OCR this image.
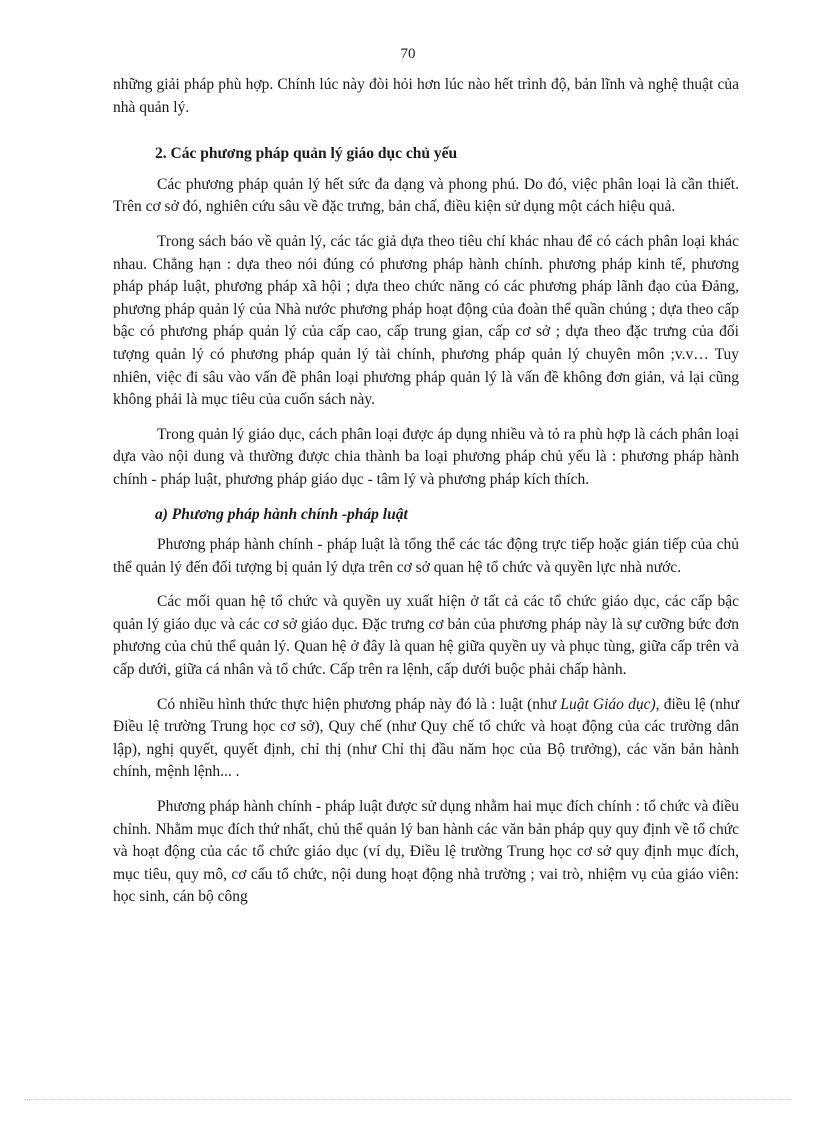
70

những giải pháp phù hợp. Chính lúc này đòi hỏi hơn lúc nào hết trình độ, bản lĩnh và nghệ thuật của nhà quản lý.

2. Các phương pháp quản lý giáo dục chủ yếu

Các phương pháp quản lý hết sức đa dạng và phong phú. Do đó, việc phân loại là cần thiết. Trên cơ sở đó, nghiên cứu sâu về đặc trưng, bản chấ, điều kiện sử dụng một cách hiệu quả.

Trong sách báo về quản lý, các tác giả dựa theo tiêu chí khác nhau để có cách phân loại khác nhau. Chẳng hạn : dựa theo nói đúng có phương pháp hành chính. phương pháp kinh tế, phương pháp pháp luật, phương pháp xã hội ; dựa theo chức năng có các phương pháp lãnh đạo của Đảng, phương pháp quản lý của Nhà nước phương pháp hoạt động của đoàn thể quần chúng ; dựa theo cấp bậc có phương pháp quản lý của cấp cao, cấp trung gian, cấp cơ sở ; dựa theo đặc trưng của đối tượng quản lý có phương pháp quản lý tài chính, phương pháp quản lý chuyên môn ;v.v… Tuy nhiên, việc đi sâu vào vấn đề phân loại phương pháp quản lý là vấn đề không đơn giản, vả lại cũng không phải là mục tiêu của cuốn sách này.

Trong quản lý giáo dục, cách phân loại được áp dụng nhiều và tỏ ra phù hợp là cách phân loại dựa vào nội dung và thường được chia thành ba loại phương pháp chủ yếu là : phương pháp hành chính - pháp luật, phương pháp giáo dục - tâm lý và phương pháp kích thích.

a) Phương pháp hành chính -pháp luật

Phương pháp hành chính - pháp luật là tổng thể các tác động trực tiếp hoặc gián tiếp của chủ thể quản lý đến đối tượng bị quản lý dựa trên cơ sở quan hệ tổ chức và quyền lực nhà nước.

Các mối quan hệ tổ chức và quyền uy xuất hiện ở tất cả các tổ chức giáo dục, các cấp bậc quản lý giáo dục và các cơ sở giáo dục. Đặc trưng cơ bản của phương pháp này là sự cưỡng bức đơn phương của chủ thể quản lý. Quan hệ ở đây là quan hệ giữa quyền uy và phục tùng, giữa cấp trên và cấp dưới, giữa cá nhân và tổ chức. Cấp trên ra lệnh, cấp dưới buộc phải chấp hành.

Có nhiều hình thức thực hiện phương pháp này đó là : luật (như Luật Giáo dục), điều lệ (như Điều lệ trường Trung học cơ sở), Quy chế (như Quy chế tổ chức và hoạt động của các trường dân lập), nghị quyết, quyết định, chỉ thị (như Chỉ thị đầu năm học của Bộ trưởng), các văn bản hành chính, mệnh lệnh... .

Phương pháp hành chính - pháp luật được sử dụng nhằm hai mục đích chính : tổ chức và điều chỉnh. Nhằm mục đích thứ nhất, chủ thể quản lý ban hành các văn bản pháp quy quy định về tổ chức và hoạt động của các tổ chức giáo dục (ví dụ, Điều lệ trường Trung học cơ sở quy định mục đích, mục tiêu, quy mô, cơ cấu tổ chức, nội dung hoạt động nhà trường ; vai trò, nhiệm vụ của giáo viên: học sinh, cán bộ công
